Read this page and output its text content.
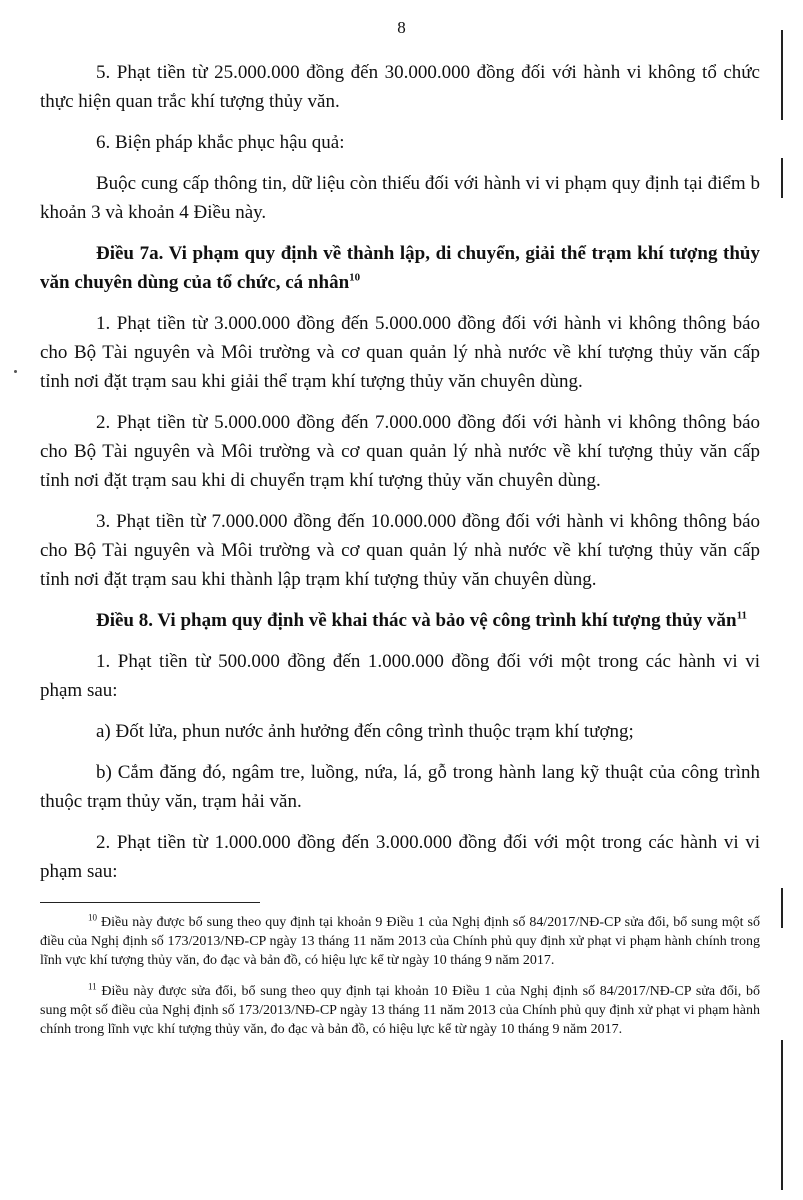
8

5. Phạt tiền từ 25.000.000 đồng đến 30.000.000 đồng đối với hành vi không tổ chức thực hiện quan trắc khí tượng thủy văn.

6. Biện pháp khắc phục hậu quả:

Buộc cung cấp thông tin, dữ liệu còn thiếu đối với hành vi vi phạm quy định tại điểm b khoản 3 và khoản 4 Điều này.

Điều 7a. Vi phạm quy định về thành lập, di chuyển, giải thể trạm khí tượng thủy văn chuyên dùng của tổ chức, cá nhân$^{10}$

1. Phạt tiền từ 3.000.000 đồng đến 5.000.000 đồng đối với hành vi không thông báo cho Bộ Tài nguyên và Môi trường và cơ quan quản lý nhà nước về khí tượng thủy văn cấp tỉnh nơi đặt trạm sau khi giải thể trạm khí tượng thủy văn chuyên dùng.

2. Phạt tiền từ 5.000.000 đồng đến 7.000.000 đồng đối với hành vi không thông báo cho Bộ Tài nguyên và Môi trường và cơ quan quản lý nhà nước về khí tượng thủy văn cấp tỉnh nơi đặt trạm sau khi di chuyển trạm khí tượng thủy văn chuyên dùng.

3. Phạt tiền từ 7.000.000 đồng đến 10.000.000 đồng đối với hành vi không thông báo cho Bộ Tài nguyên và Môi trường và cơ quan quản lý nhà nước về khí tượng thủy văn cấp tỉnh nơi đặt trạm sau khi thành lập trạm khí tượng thủy văn chuyên dùng.

Điều 8. Vi phạm quy định về khai thác và bảo vệ công trình khí tượng thủy văn$^{11}$

1. Phạt tiền từ 500.000 đồng đến 1.000.000 đồng đối với một trong các hành vi vi phạm sau:

a) Đốt lửa, phun nước ảnh hưởng đến công trình thuộc trạm khí tượng;

b) Cắm đăng đó, ngâm tre, luồng, nứa, lá, gỗ trong hành lang kỹ thuật của công trình thuộc trạm thủy văn, trạm hải văn.

2. Phạt tiền từ 1.000.000 đồng đến 3.000.000 đồng đối với một trong các hành vi vi phạm sau:

$^{10}$ Điều này được bổ sung theo quy định tại khoản 9 Điều 1 của Nghị định số 84/2017/NĐ-CP sửa đổi, bổ sung một số điều của Nghị định số 173/2013/NĐ-CP ngày 13 tháng 11 năm 2013 của Chính phủ quy định xử phạt vi phạm hành chính trong lĩnh vực khí tượng thủy văn, đo đạc và bản đồ, có hiệu lực kể từ ngày 10 tháng 9 năm 2017.

$^{11}$ Điều này được sửa đổi, bổ sung theo quy định tại khoản 10 Điều 1 của Nghị định số 84/2017/NĐ-CP sửa đổi, bổ sung một số điều của Nghị định số 173/2013/NĐ-CP ngày 13 tháng 11 năm 2013 của Chính phủ quy định xử phạt vi phạm hành chính trong lĩnh vực khí tượng thủy văn, đo đạc và bản đồ, có hiệu lực kể từ ngày 10 tháng 9 năm 2017.
